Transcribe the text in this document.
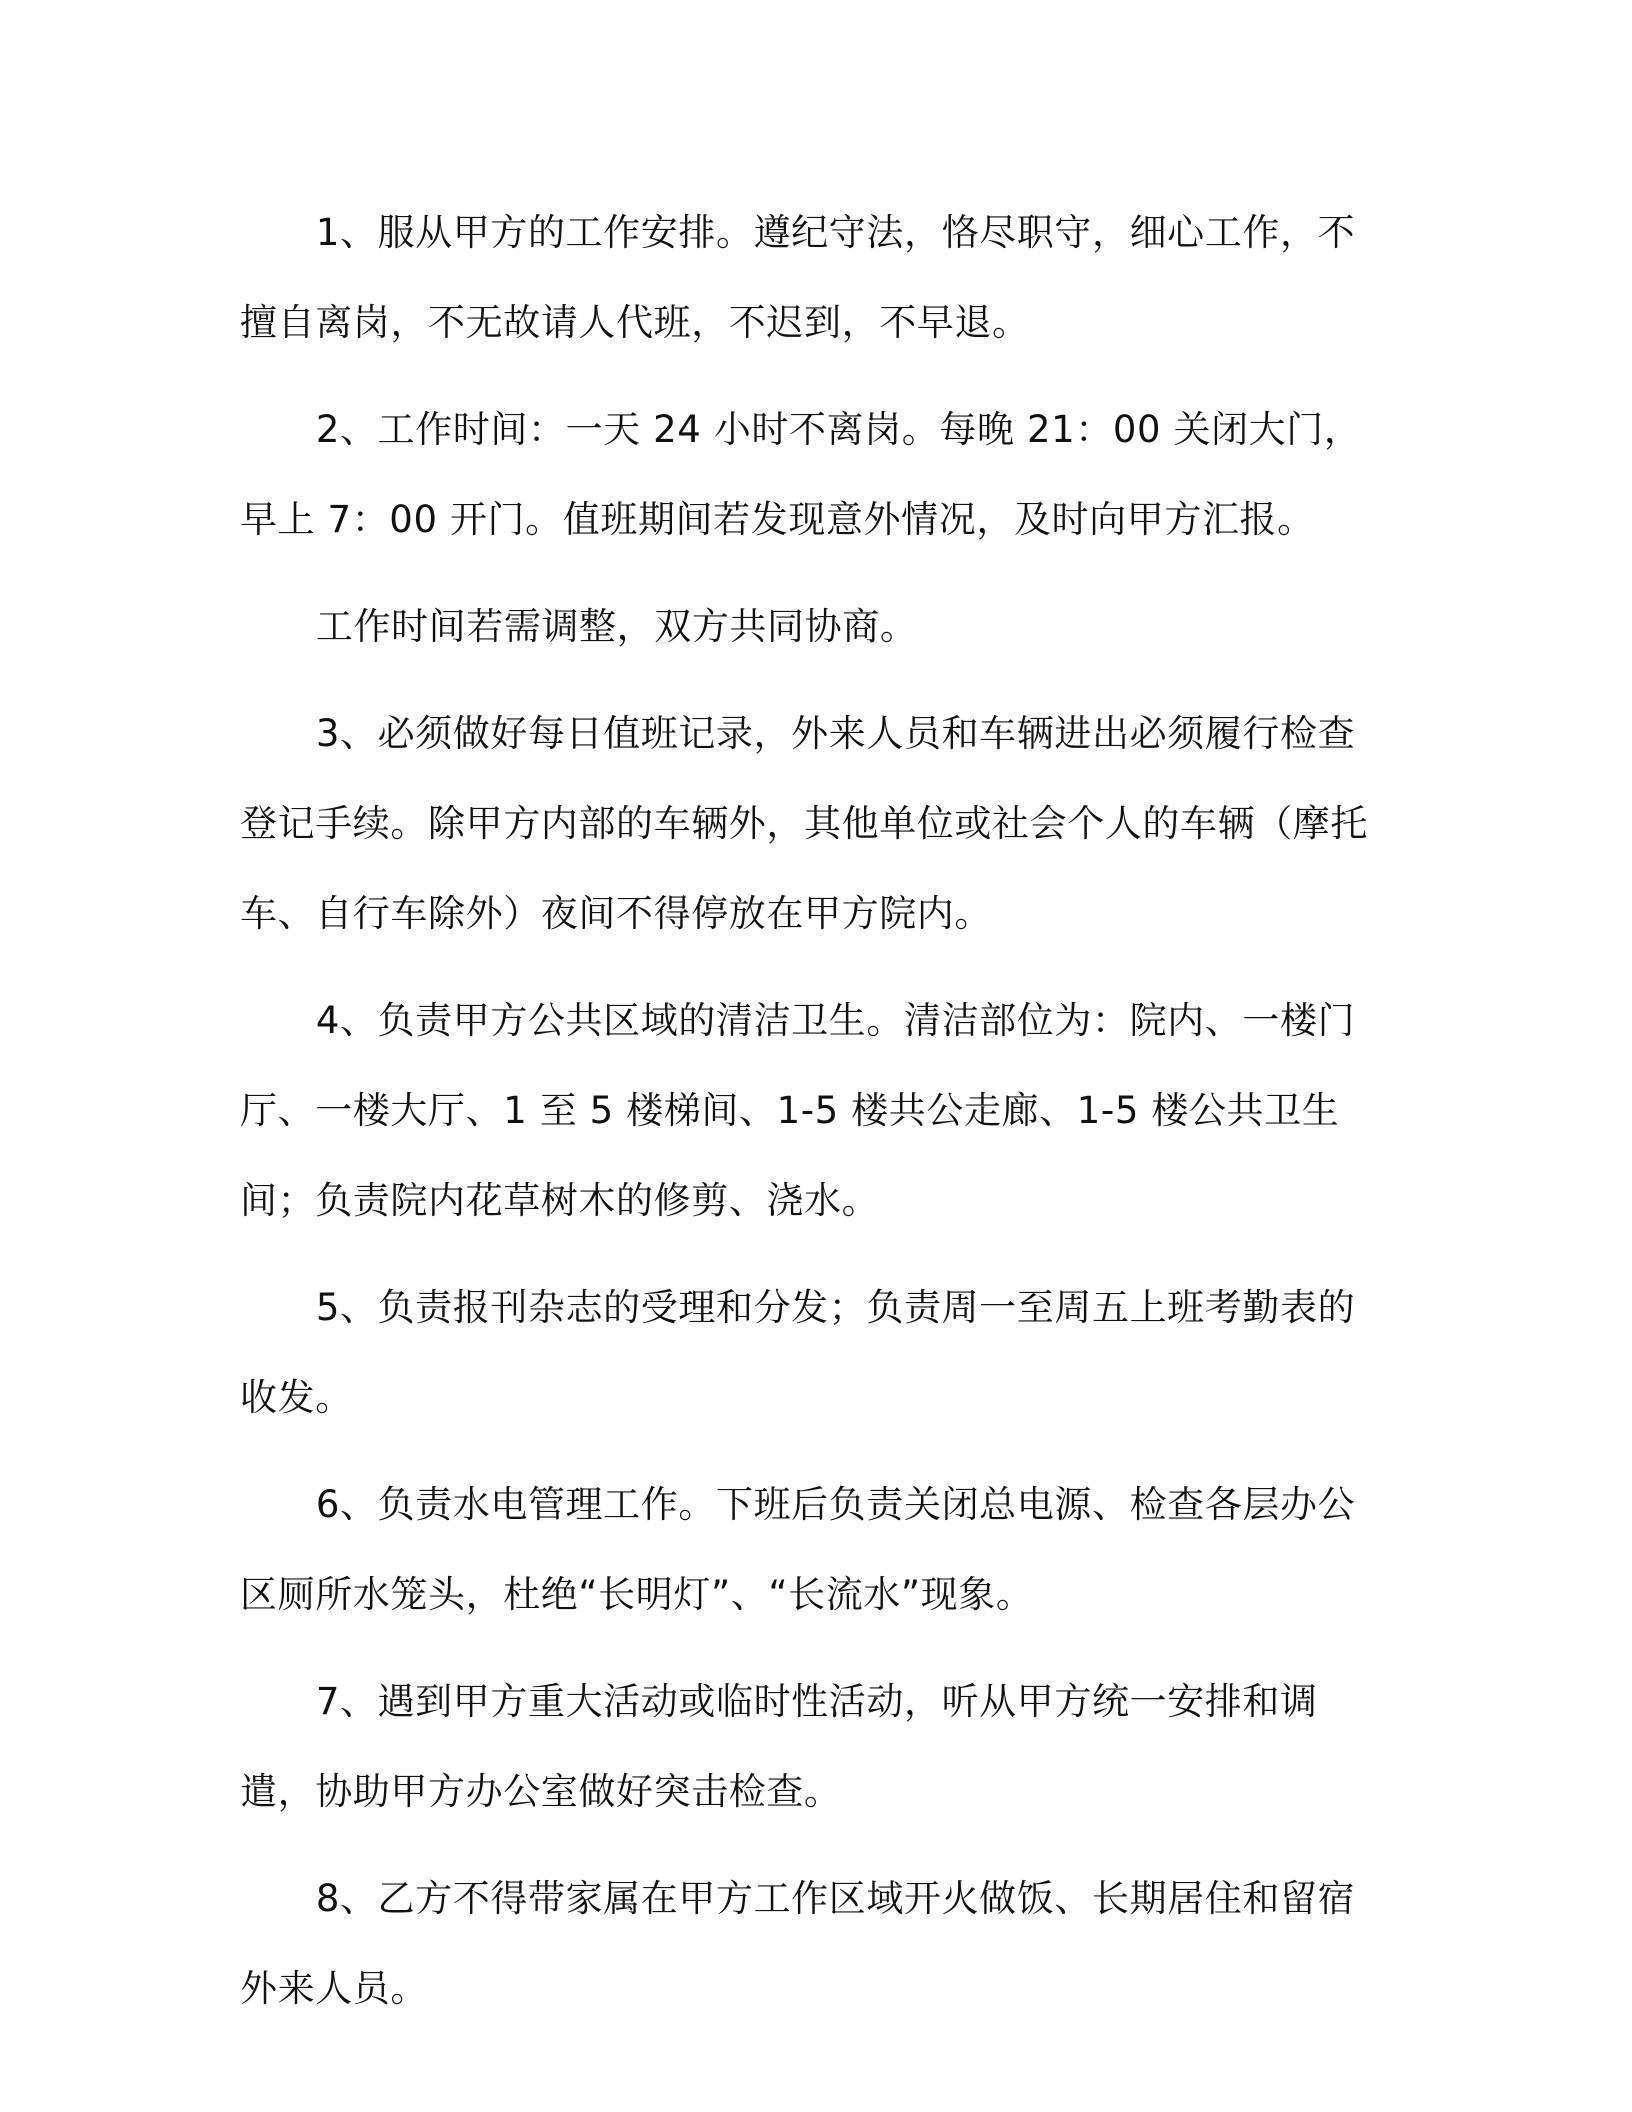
1、服从甲方的工作安排。遵纪守法，恪尽职守，细心工作，不擅自离岗，不无故请人代班，不迟到，不早退。

2、工作时间：一天 24 小时不离岗。每晚 21：00 关闭大门，早上 7：00 开门。值班期间若发现意外情况，及时向甲方汇报。

工作时间若需调整，双方共同协商。

3、必须做好每日值班记录，外来人员和车辆进出必须履行检查登记手续。除甲方内部的车辆外，其他单位或社会个人的车辆（摩托车、自行车除外）夜间不得停放在甲方院内。

4、负责甲方公共区域的清洁卫生。清洁部位为：院内、一楼门厅、一楼大厅、1 至 5 楼梯间、1-5 楼共公走廊、1-5 楼公共卫生间；负责院内花草树木的修剪、浇水。

5、负责报刊杂志的受理和分发；负责周一至周五上班考勤表的收发。

6、负责水电管理工作。下班后负责关闭总电源、检查各层办公区厕所水笼头，杜绝“长明灯”、“长流水”现象。

7、遇到甲方重大活动或临时性活动，听从甲方统一安排和调遣，协助甲方办公室做好突击检查。

8、乙方不得带家属在甲方工作区域开火做饭、长期居住和留宿外来人员。
